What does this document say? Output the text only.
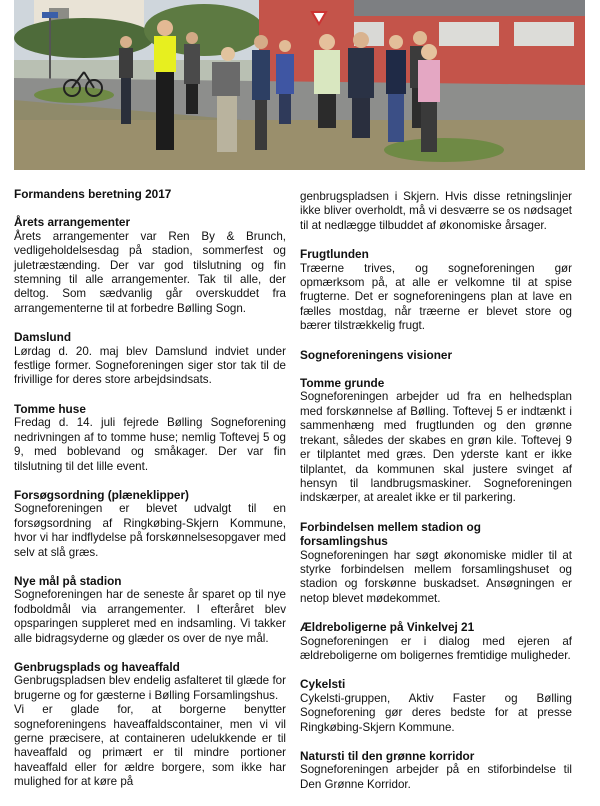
Formandens beretning 2017
Årets arrangementer

Årets arrangementer var Ren By & Brunch, vedligeholdelsesdag på stadion, sommerfest og juletræstænding. Der var god tilslutning og fin stemning til alle arrangementer. Tak til alle, der deltog. Som sædvanlig går overskuddet fra arrangementerne til at forbedre Bølling Sogn.

Damslund

Lørdag d. 20. maj blev Damslund indviet under festlige former. Sogneforeningen siger stor tak til de frivillige for deres store arbejdsindsats.

Tomme huse

Fredag d. 14. juli fejrede Bølling Sogneforening nedrivningen af to tomme huse; nemlig Toftevej 5 og 9, med boblevand og småkager. Der var fin tilslutning til det lille event.

Forsøgsordning (plæneklipper)

Sogneforeningen er blevet udvalgt til en forsøgsordning af Ringkøbing-Skjern Kommune, hvor vi har indflydelse på forskønnelsesopgaver med selv at slå græs.

Nye mål på stadion

Sogneforeningen har de seneste år sparet op til nye fodboldmål via arrangementer. I efteråret blev opsparingen suppleret med en indsamling. Vi takker alle bidragsyderne og glæder os over de nye mål.

Genbrugsplads og haveaffald

Genbrugspladsen blev endelig asfalteret til glæde for brugerne og for gæsterne i Bølling Forsamlingshus.

Vi er glade for, at borgerne benytter sogneforeningens haveaffaldscontainer, men vi vil gerne præcisere, at containeren udelukkende er til haveaffald og primært er til mindre portioner haveaffald eller for ældre borgere, som ikke har mulighed for at køre på

genbrugspladsen i Skjern. Hvis disse retningslinjer ikke bliver overholdt, må vi desværre se os nødsaget til at nedlægge tilbuddet af økonomiske årsager.

Frugtlunden

Træerne trives, og sogneforeningen gør opmærksom på, at alle er velkomne til at spise frugterne. Det er sogneforeningens plan at lave en fælles mostdag, når træerne er blevet store og bærer tilstrækkelig frugt.

Sogneforeningens visioner
Tomme grunde

Sogneforeningen arbejder ud fra en helhedsplan med forskønnelse af Bølling. Toftevej 5 er indtænkt i sammenhæng med frugtlunden og den grønne trekant, således der skabes en grøn kile. Toftevej 9 er tilplantet med græs. Den yderste kant er ikke tilplantet, da kommunen skal justere svinget af hensyn til landbrugsmaskiner. Sogneforeningen indskærper, at arealet ikke er til parkering.

Forbindelsen mellem stadion og forsamlingshus

Sogneforeningen har søgt økonomiske midler til at styrke forbindelsen mellem forsamlingshuset og stadion og forskønne buskadset. Ansøgningen er netop blevet mødekommet.

Ældreboligerne på Vinkelvej 21

Sogneforeningen er i dialog med ejeren af ældreboligerne om boligernes fremtidige muligheder.

Cykelsti

Cykelsti-gruppen, Aktiv Faster og Bølling Sogneforening gør deres bedste for at presse Ringkøbing-Skjern Kommune.

Natursti til den grønne korridor

Sogneforeningen arbejder på en stiforbindelse til Den Grønne Korridor.
